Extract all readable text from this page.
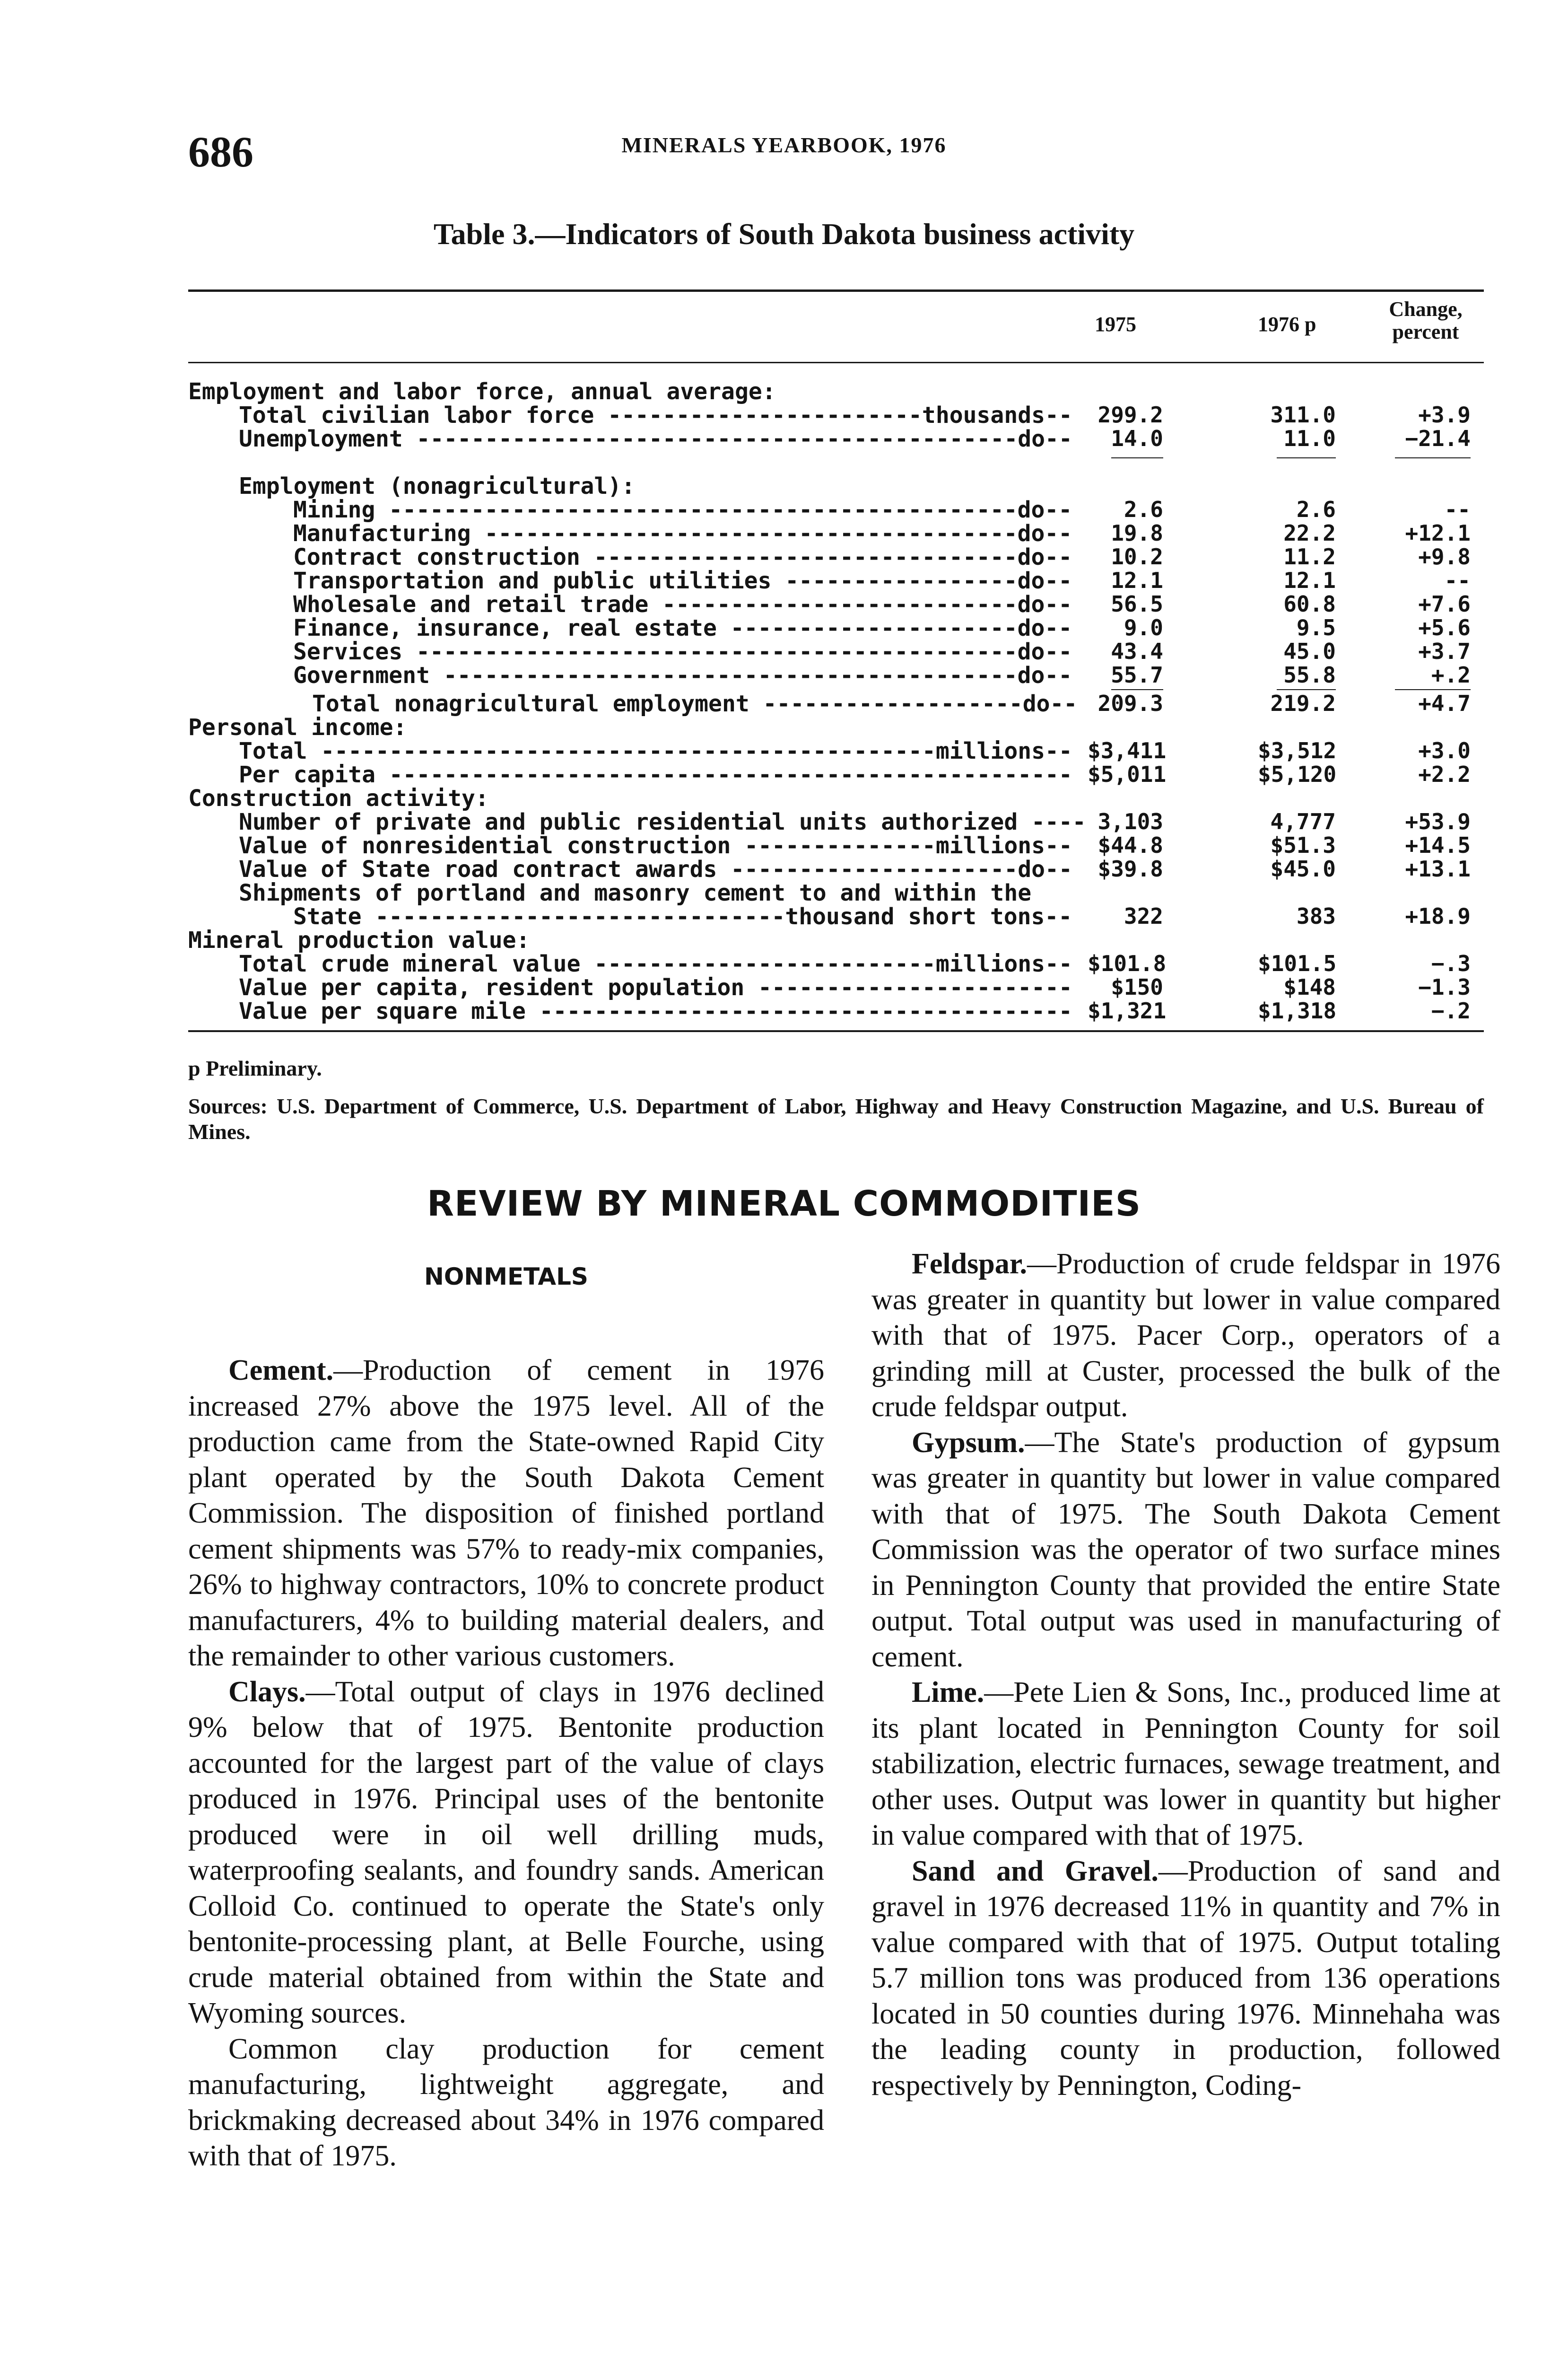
686	MINERALS YEARBOOK, 1976
Table 3.—Indicators of South Dakota business activity
1975	1976 p
Change,
percent
Employment and labor force, annual average:
Total civilian labor force -----------------------thousands--	299.2	311.0	+3.9
Unemployment --------------------------------------------do--	14.0	11.0	−21.4
Employment (nonagricultural):
Mining ----------------------------------------------do--	2.6	2.6	--
Manufacturing ---------------------------------------do--	19.8	22.2	+12.1
Contract construction -------------------------------do--	10.2	11.2	+9.8
Transportation and public utilities -----------------do--	12.1	12.1	--
Wholesale and retail trade --------------------------do--	56.5	60.8	+7.6
Finance, insurance, real estate ---------------------do--	9.0	9.5	+5.6
Services --------------------------------------------do--	43.4	45.0	+3.7
Government ------------------------------------------do--	55.7	55.8	+.2
Total nonagricultural employment -------------------do-- 209.3	219.2	+4.7
Personal income:
Total ---------------------------------------------millions-- $3,411	$3,512	+3.0
Per capita -------------------------------------------------- $5,011	$5,120	+2.2
Construction activity:
Number of private and public residential units authorized ---- 3,103	4,777	+53.9
Value of nonresidential construction --------------millions--	$44.8	$51.3	+14.5
Value of State road contract awards ---------------------do--	$39.8	$45.0	+13.1
Shipments of portland and masonry cement to and within the
State ------------------------------thousand short tons--	322	383	+18.9
Mineral production value:
Total crude mineral value -------------------------millions-- $101.8	$101.5	−.3
Value per capita, resident population -----------------------	$150	$148	−1.3
Value per square mile --------------------------------------- $1,321	$1,318	−.2
p Preliminary.
Sources: U.S. Department of Commerce, U.S. Department of Labor, Highway and Heavy Construction Magazine, and U.S. Bureau of Mines.
REVIEW BY MINERAL COMMODITIES
NONMETALS

Cement.—Production of cement in 1976 increased 27% above the 1975 level. All of the production came from the State-owned Rapid City plant operated by the South Dakota Cement Commission. The disposition of finished portland cement shipments was 57% to ready-mix companies, 26% to highway contractors, 10% to concrete product manufacturers, 4% to building material dealers, and the remainder to other various customers.

Clays.—Total output of clays in 1976 declined 9% below that of 1975. Bentonite production accounted for the largest part of the value of clays produced in 1976. Principal uses of the bentonite produced were in oil well drilling muds, waterproofing sealants, and foundry sands. American Colloid Co. continued to operate the State's only bentonite-processing plant, at Belle Fourche, using crude material obtained from within the State and Wyoming sources.

Common clay production for cement manufacturing, lightweight aggregate, and brickmaking decreased about 34% in 1976 compared with that of 1975.

Feldspar.—Production of crude feldspar in 1976 was greater in quantity but lower in value compared with that of 1975. Pacer Corp., operators of a grinding mill at Custer, processed the bulk of the crude feldspar output.

Gypsum.—The State's production of gypsum was greater in quantity but lower in value compared with that of 1975. The South Dakota Cement Commission was the operator of two surface mines in Pennington County that provided the entire State output. Total output was used in manufacturing of cement.

Lime.—Pete Lien & Sons, Inc., produced lime at its plant located in Pennington County for soil stabilization, electric furnaces, sewage treatment, and other uses. Output was lower in quantity but higher in value compared with that of 1975.

Sand and Gravel.—Production of sand and gravel in 1976 decreased 11% in quantity and 7% in value compared with that of 1975. Output totaling 5.7 million tons was produced from 136 operations located in 50 counties during 1976. Minnehaha was the leading county in production, followed respectively by Pennington, Coding-
